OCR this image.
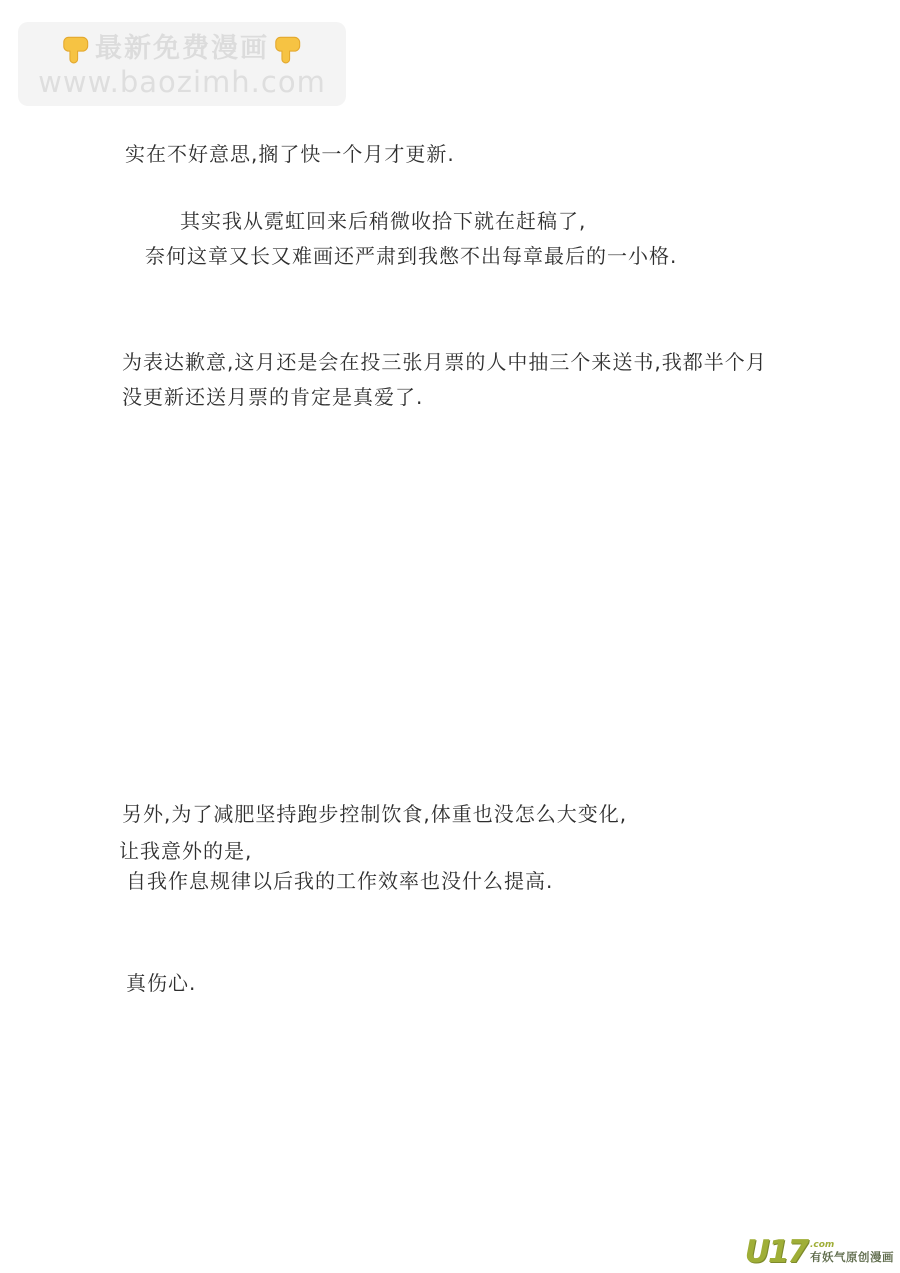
最新免费漫画
www.baozimh.com
实在不好意思,搁了快一个月才更新.
其实我从霓虹回来后稍微收拾下就在赶稿了,
奈何这章又长又难画还严肃到我憋不出每章最后的一小格.
为表达歉意,这月还是会在投三张月票的人中抽三个来送书,我都半个月
没更新还送月票的肯定是真爱了.
另外,为了减肥坚持跑步控制饮食,体重也没怎么大变化,
让我意外的是,
自我作息规律以后我的工作效率也没什么提高.
真伤心.
U17 .com
有妖气原创漫画
